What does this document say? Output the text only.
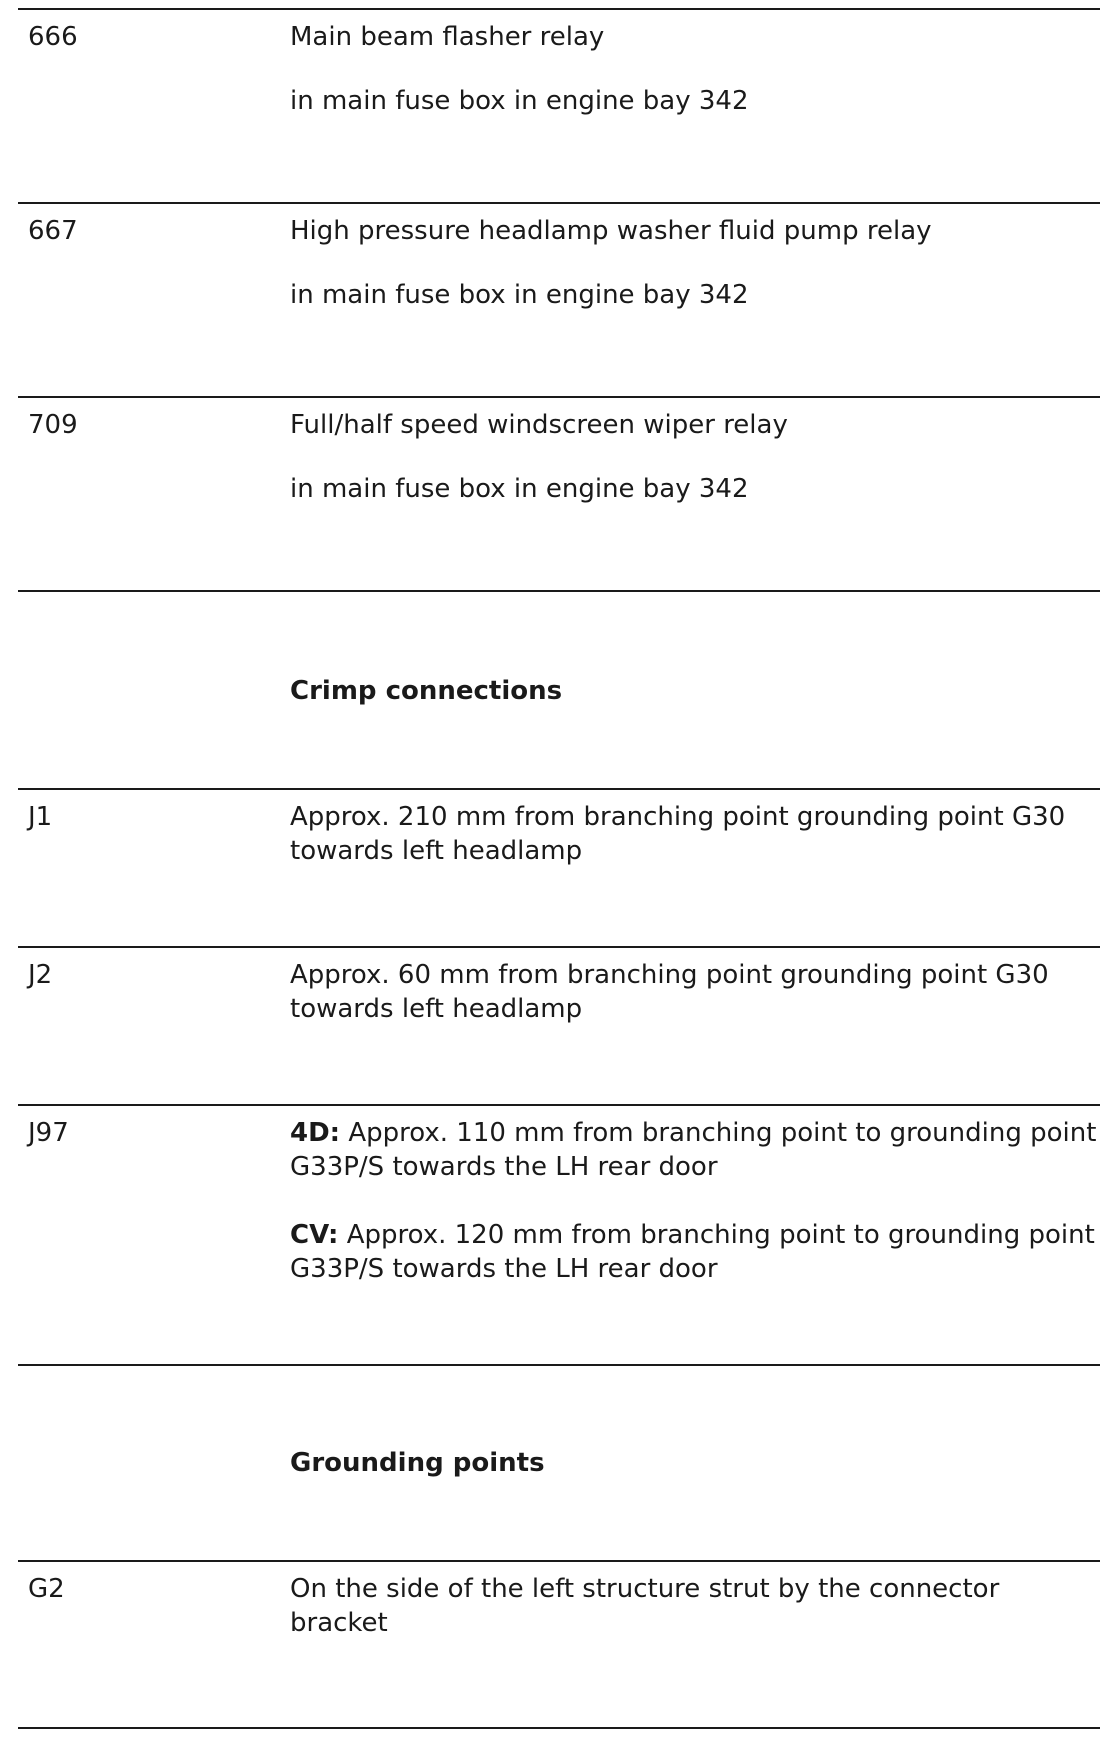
666	Main beam flasher relay

in main fuse box in engine bay 342

667	High pressure headlamp washer fluid pump relay

in main fuse box in engine bay 342

709	Full/half speed windscreen wiper relay

in main fuse box in engine bay 342

Crimp connections
J1	Approx. 210 mm from branching point grounding point G30 towards left headlamp
J2	Approx. 60 mm from branching point grounding point G30 towards left headlamp
J97	4D: Approx. 110 mm from branching point to grounding point G33P/S towards the LH rear door

CV: Approx. 120 mm from branching point to grounding point G33P/S towards the LH rear door

Grounding points
G2	On the side of the left structure strut by the connector bracket
